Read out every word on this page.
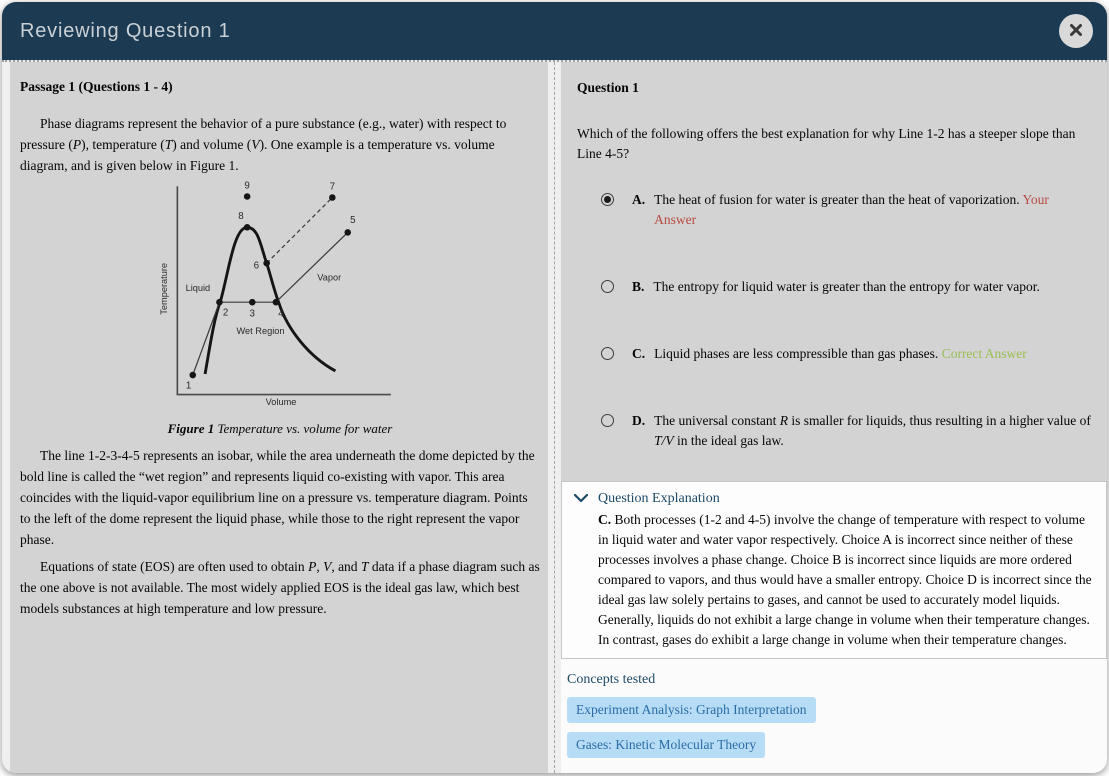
Reviewing Question 1
Passage 1 (Questions 1 - 4)

Phase diagrams represent the behavior of a pure substance (e.g., water) with respect to pressure (P), temperature (T) and volume (V). One example is a temperature vs. volume diagram, and is given below in Figure 1.

1
2 3 4
5
6
7
8
9
Liquid
Vapor
Wet Region
Volume
Temperature
Figure 1 Temperature vs. volume for water

The line 1-2-3-4-5 represents an isobar, while the area underneath the dome depicted by the bold line is called the “wet region” and represents liquid co-existing with vapor. This area coincides with the liquid-vapor equilibrium line on a pressure vs. temperature diagram. Points to the left of the dome represent the liquid phase, while those to the right represent the vapor phase.

Equations of state (EOS) are often used to obtain P, V, and T data if a phase diagram such as the one above is not available. The most widely applied EOS is the ideal gas law, which best models substances at high temperature and low pressure.

Question 1
Which of the following offers the best explanation for why Line 1-2 has a steeper slope than Line 4-5?
A. The heat of fusion for water is greater than the heat of vaporization. Your Answer
B. The entropy for liquid water is greater than the entropy for water vapor.
C. Liquid phases are less compressible than gas phases. Correct Answer
D. The universal constant R is smaller for liquids, thus resulting in a higher value of T/V in the ideal gas law.
Question Explanation
C. Both processes (1-2 and 4-5) involve the change of temperature with respect to volume in liquid water and water vapor respectively. Choice A is incorrect since neither of these processes involves a phase change. Choice B is incorrect since liquids are more ordered compared to vapors, and thus would have a smaller entropy. Choice D is incorrect since the ideal gas law solely pertains to gases, and cannot be used to accurately model liquids. Generally, liquids do not exhibit a large change in volume when their temperature changes. In contrast, gases do exhibit a large change in volume when their temperature changes.
Concepts tested
Experiment Analysis: Graph Interpretation
Gases: Kinetic Molecular Theory
